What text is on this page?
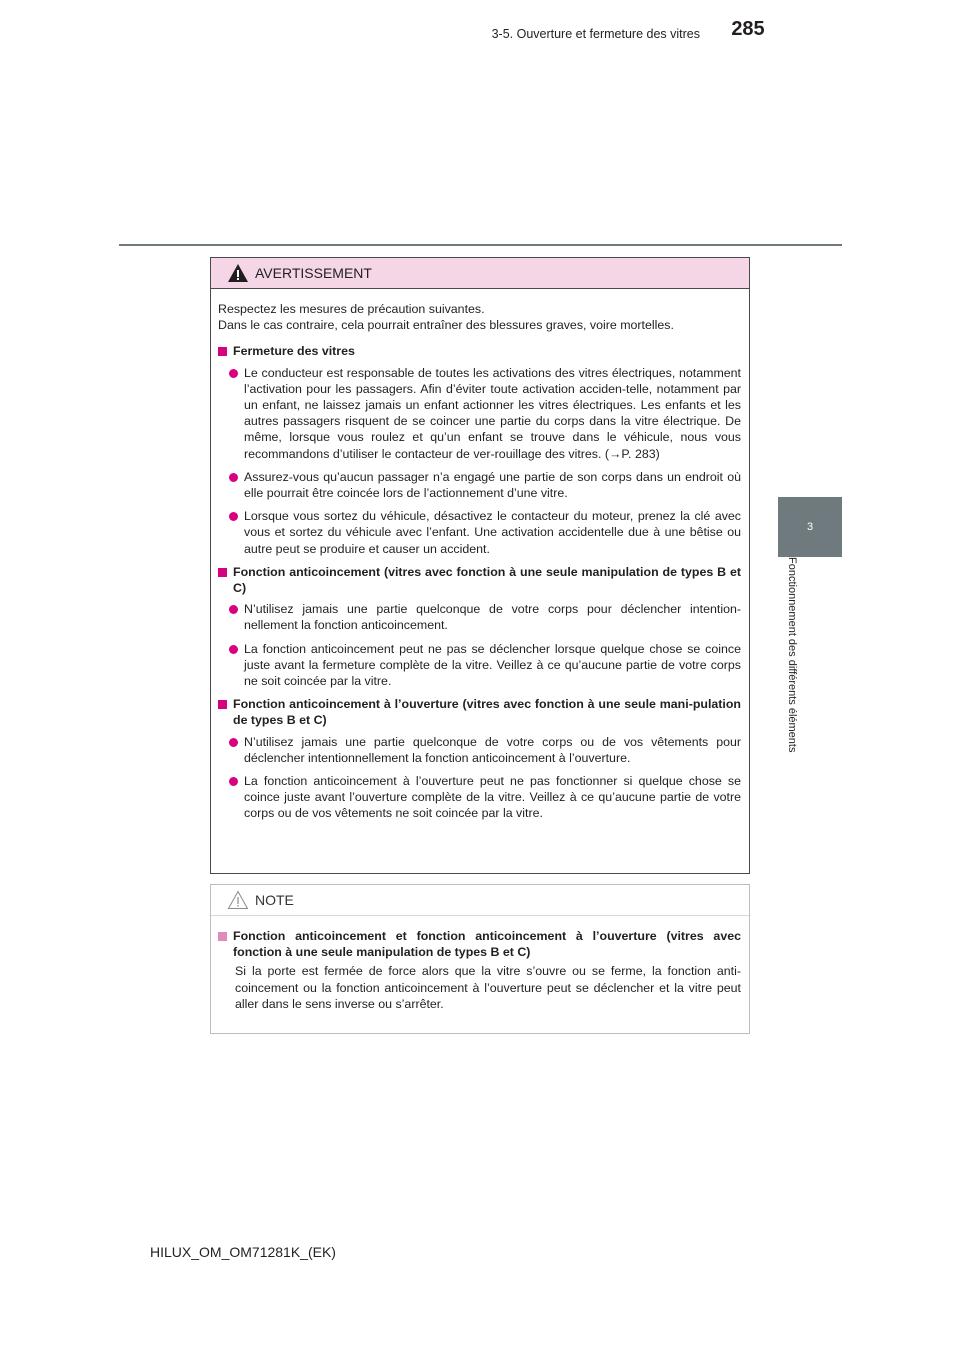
3-5. Ouverture et fermeture des vitres	285
3
Fonctionnement des différents éléments
AVERTISSEMENT

Respectez les mesures de précaution suivantes.
Dans le cas contraire, cela pourrait entraîner des blessures graves, voire mortelles.

Fermeture des vitres
Le conducteur est responsable de toutes les activations des vitres électriques, notamment l’activation pour les passagers. Afin d’éviter toute activation acciden-telle, notamment par un enfant, ne laissez jamais un enfant actionner les vitres électriques. Les enfants et les autres passagers risquent de se coincer une partie du corps dans la vitre électrique. De même, lorsque vous roulez et qu’un enfant se trouve dans le véhicule, nous vous recommandons d’utiliser le contacteur de ver-rouillage des vitres. (→P. 283)
Assurez-vous qu’aucun passager n’a engagé une partie de son corps dans un endroit où elle pourrait être coincée lors de l’actionnement d’une vitre.
Lorsque vous sortez du véhicule, désactivez le contacteur du moteur, prenez la clé avec vous et sortez du véhicule avec l’enfant. Une activation accidentelle due à une bêtise ou autre peut se produire et causer un accident.
Fonction anticoincement (vitres avec fonction à une seule manipulation de types B et C)
N’utilisez jamais une partie quelconque de votre corps pour déclencher intention-nellement la fonction anticoincement.
La fonction anticoincement peut ne pas se déclencher lorsque quelque chose se coince juste avant la fermeture complète de la vitre. Veillez à ce qu’aucune partie de votre corps ne soit coincée par la vitre.
Fonction anticoincement à l’ouverture (vitres avec fonction à une seule mani-pulation de types B et C)
N’utilisez jamais une partie quelconque de votre corps ou de vos vêtements pour déclencher intentionnellement la fonction anticoincement à l’ouverture.
La fonction anticoincement à l’ouverture peut ne pas fonctionner si quelque chose se coince juste avant l’ouverture complète de la vitre. Veillez à ce qu’aucune partie de votre corps ou de vos vêtements ne soit coincée par la vitre.
NOTE
Fonction anticoincement et fonction anticoincement à l’ouverture (vitres avec fonction à une seule manipulation de types B et C)

Si la porte est fermée de force alors que la vitre s’ouvre ou se ferme, la fonction anti-coincement ou la fonction anticoincement à l’ouverture peut se déclencher et la vitre peut aller dans le sens inverse ou s’arrêter.

HILUX_OM_OM71281K_(EK)
